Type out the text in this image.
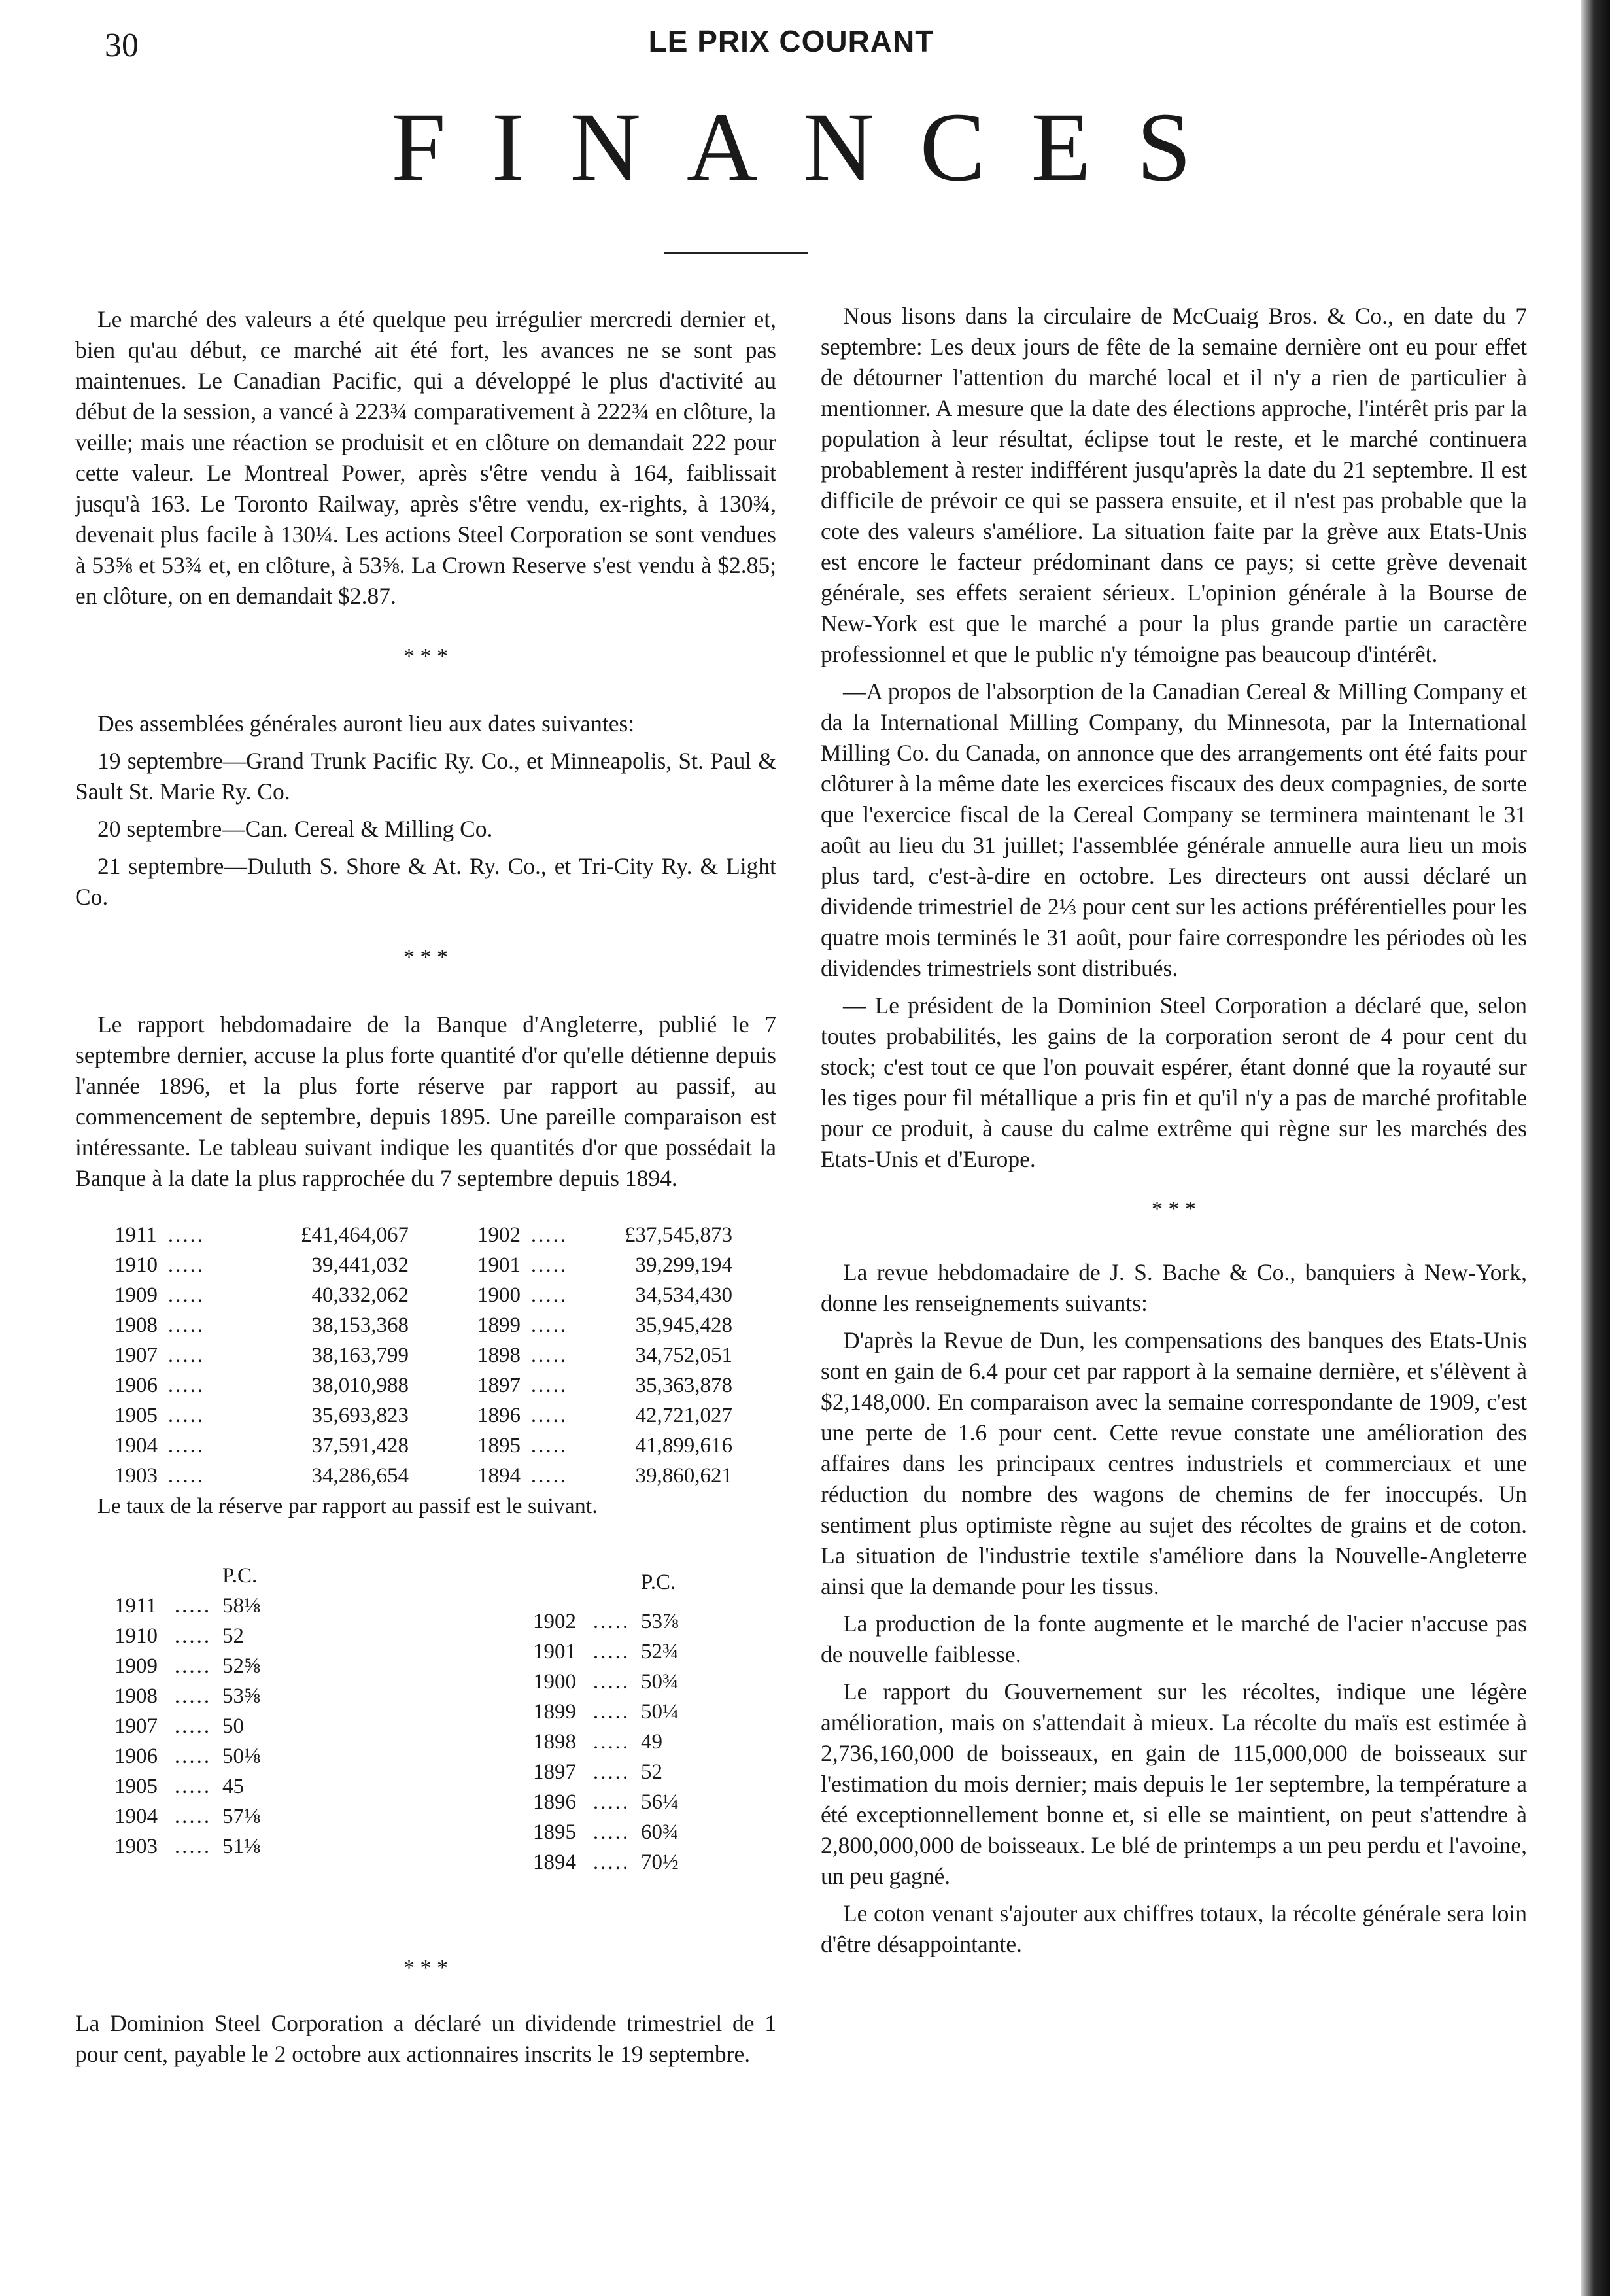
30	LE PRIX COURANT
FINANCES

Le marché des valeurs a été quelque peu irrégulier mercredi dernier et, bien qu'au début, ce marché ait été fort, les avances ne se sont pas maintenues. Le Canadian Pacific, qui a développé le plus d'activité au début de la session, a vancé à 223¾ comparativement à 222¾ en clôture, la veille; mais une réaction se produisit et en clôture on demandait 222 pour cette valeur. Le Montreal Power, après s'être vendu à 164, faiblissait jusqu'à 163. Le Toronto Railway, après s'être vendu, ex-rights, à 130¾, devenait plus facile à 130¼. Les actions Steel Corporation se sont vendues à 53⅝ et 53¾ et, en clôture, à 53⅝. La Crown Reserve s'est vendu à $2.85; en clôture, on en demandait $2.87.

* * *

Des assemblées générales auront lieu aux dates suivantes:

19 septembre—Grand Trunk Pacific Ry. Co., et Minneapolis, St. Paul & Sault St. Marie Ry. Co.

20 septembre—Can. Cereal & Milling Co.

21 septembre—Duluth S. Shore & At. Ry. Co., et Tri-City Ry. & Light Co.

* * *

Le rapport hebdomadaire de la Banque d'Angleterre, publié le 7 septembre dernier, accuse la plus forte quantité d'or qu'elle détienne depuis l'année 1896, et la plus forte réserve par rapport au passif, au commencement de septembre, depuis 1895. Une pareille comparaison est intéressante. Le tableau suivant indique les quantités d'or que possédait la Banque à la date la plus rapprochée du 7 septembre depuis 1894.

1911	.....	£41,464,067	1902	.....	£37,545,873
1910	.....	39,441,032	1901	.....	39,299,194
1909	.....	40,332,062	1900	.....	34,534,430
1908	.....	38,153,368	1899	.....	35,945,428
1907	.....	38,163,799	1898	.....	34,752,051
1906	.....	38,010,988	1897	.....	35,363,878
1905	.....	35,693,823	1896	.....	42,721,027
1904	.....	37,591,428	1895	.....	41,899,616
1903	.....	34,286,654	1894	.....	39,860,621

Le taux de la réserve par rapport au passif est le suivant.

P.C.
1911 ..... 58⅛
1910 ..... 52
1909 ..... 52⅝
1908 ..... 53⅝
1907 ..... 50
1906 ..... 50⅛
1905 ..... 45
1904 ..... 57⅛
1903 ..... 51⅛
P.C.
1902 ..... 53⅞
1901 ..... 52¾
1900 ..... 50¾
1899 ..... 50¼
1898 ..... 49
1897 ..... 52
1896 ..... 56¼
1895 ..... 60¾
1894 ..... 70½
* * *

La Dominion Steel Corporation a déclaré un dividende trimestriel de 1 pour cent, payable le 2 octobre aux actionnaires inscrits le 19 septembre.

Nous lisons dans la circulaire de McCuaig Bros. & Co., en date du 7 septembre: Les deux jours de fête de la semaine dernière ont eu pour effet de détourner l'attention du marché local et il n'y a rien de particulier à mentionner. A mesure que la date des élections approche, l'intérêt pris par la population à leur résultat, éclipse tout le reste, et le marché continuera probablement à rester indifférent jusqu'après la date du 21 septembre. Il est difficile de prévoir ce qui se passera ensuite, et il n'est pas probable que la cote des valeurs s'améliore. La situation faite par la grève aux Etats-Unis est encore le facteur prédominant dans ce pays; si cette grève devenait générale, ses effets seraient sérieux. L'opinion générale à la Bourse de New-York est que le marché a pour la plus grande partie un caractère professionnel et que le public n'y témoigne pas beaucoup d'intérêt.

—A propos de l'absorption de la Canadian Cereal & Milling Company et da la International Milling Company, du Minnesota, par la International Milling Co. du Canada, on annonce que des arrangements ont été faits pour clôturer à la même date les exercices fiscaux des deux compagnies, de sorte que l'exercice fiscal de la Cereal Company se terminera maintenant le 31 août au lieu du 31 juillet; l'assemblée générale annuelle aura lieu un mois plus tard, c'est-à-dire en octobre. Les directeurs ont aussi déclaré un dividende trimestriel de 2⅓ pour cent sur les actions préférentielles pour les quatre mois terminés le 31 août, pour faire correspondre les périodes où les dividendes trimestriels sont distribués.

— Le président de la Dominion Steel Corporation a déclaré que, selon toutes probabilités, les gains de la corporation seront de 4 pour cent du stock; c'est tout ce que l'on pouvait espérer, étant donné que la royauté sur les tiges pour fil métallique a pris fin et qu'il n'y a pas de marché profitable pour ce produit, à cause du calme extrême qui règne sur les marchés des Etats-Unis et d'Europe.

* * *

La revue hebdomadaire de J. S. Bache & Co., banquiers à New-York, donne les renseignements suivants:

D'après la Revue de Dun, les compensations des banques des Etats-Unis sont en gain de 6.4 pour cet par rapport à la semaine dernière, et s'élèvent à $2,148,000. En comparaison avec la semaine correspondante de 1909, c'est une perte de 1.6 pour cent. Cette revue constate une amélioration des affaires dans les principaux centres industriels et commerciaux et une réduction du nombre des wagons de chemins de fer inoccupés. Un sentiment plus optimiste règne au sujet des récoltes de grains et de coton. La situation de l'industrie textile s'améliore dans la Nouvelle-Angleterre ainsi que la demande pour les tissus.

La production de la fonte augmente et le marché de l'acier n'accuse pas de nouvelle faiblesse.

Le rapport du Gouvernement sur les récoltes, indique une légère amélioration, mais on s'attendait à mieux. La récolte du maïs est estimée à 2,736,160,000 de boisseaux, en gain de 115,000,000 de boisseaux sur l'estimation du mois dernier; mais depuis le 1er septembre, la température a été exceptionnellement bonne et, si elle se maintient, on peut s'attendre à 2,800,000,000 de boisseaux. Le blé de printemps a un peu perdu et l'avoine, un peu gagné.

Le coton venant s'ajouter aux chiffres totaux, la récolte générale sera loin d'être désappointante.
